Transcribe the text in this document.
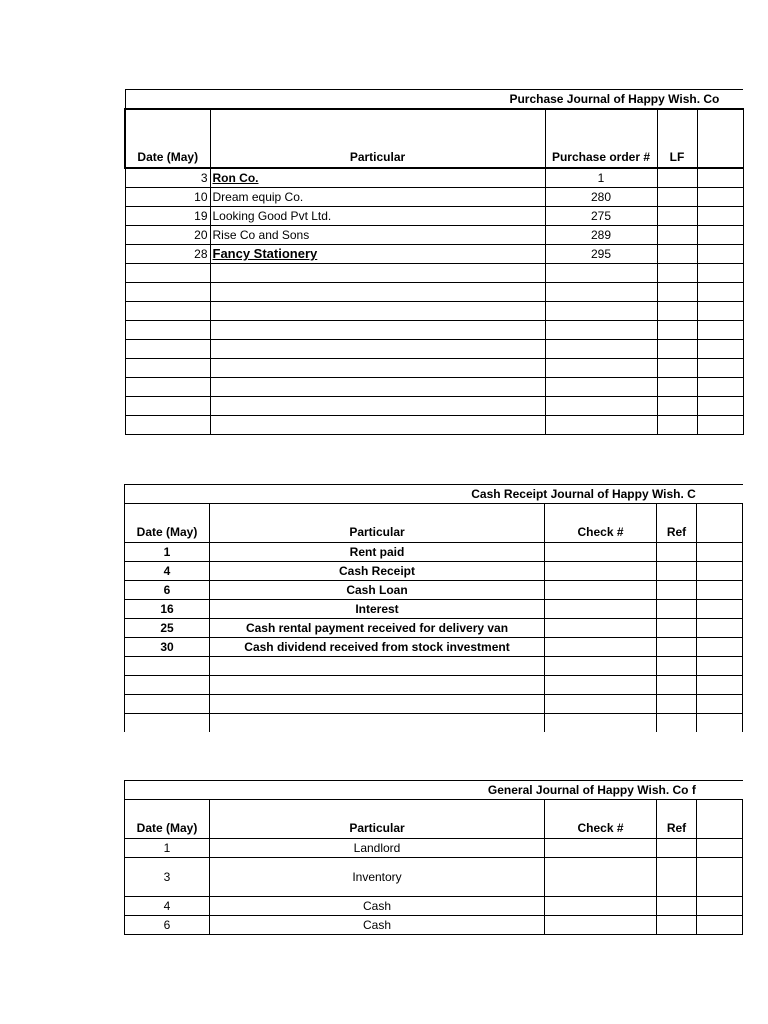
Purchase Journal of Happy Wish. Co				
Date (May)	Particular	Purchase order #	LF	
3	Ron Co.	1		
10	Dream equip Co.	280		
19	Looking Good Pvt Ltd.	275		
20	Rise Co and Sons	289		
28	Fancy Stationery	295		

Cash Receipt Journal of Happy Wish. C				
Date (May)	Particular	Check #	Ref	
1	Rent paid			
4	Cash Receipt			
6	Cash Loan			
16	Interest			
25	Cash rental payment received for delivery van			
30	Cash dividend received from stock investment			

General Journal of Happy Wish. Co f				
Date (May)	Particular	Check #	Ref	
1	Landlord			
3	Inventory			
4	Cash			
6	Cash			
